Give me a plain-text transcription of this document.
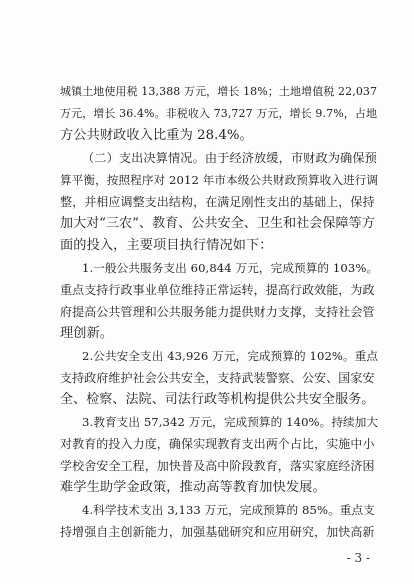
城镇土地使用税 13,388 万元，增长 18%；土地增值税 22,037
万元，增长 36.4%。非税收入 73,727 万元，增长 9.7%，占地
方公共财政收入比重为 28.4%。
（二）支出决算情况。由于经济放缓，市财政为确保预
算平衡，按照程序对 2012 年市本级公共财政预算收入进行调
整，并相应调整支出结构，在满足刚性支出的基础上，保持
加大对“三农”、教育、公共安全、卫生和社会保障等方
面的投入，主要项目执行情况如下：
1.一般公共服务支出 60,844 万元，完成预算的 103%。
重点支持行政事业单位维持正常运转，提高行政效能，为政
府提高公共管理和公共服务能力提供财力支撑，支持社会管
理创新。
2.公共安全支出 43,926 万元，完成预算的 102%。重点
支持政府维护社会公共安全，支持武装警察、公安、国家安
全、检察、法院、司法行政等机构提供公共安全服务。
3.教育支出 57,342 万元，完成预算的 140%。持续加大
对教育的投入力度，确保实现教育支出两个占比，实施中小
学校舍安全工程，加快普及高中阶段教育，落实家庭经济困
难学生助学金政策，推动高等教育加快发展。
4.科学技术支出 3,133 万元，完成预算的 85%。重点支
持增强自主创新能力，加强基础研究和应用研究，加快高新
- 3 -
